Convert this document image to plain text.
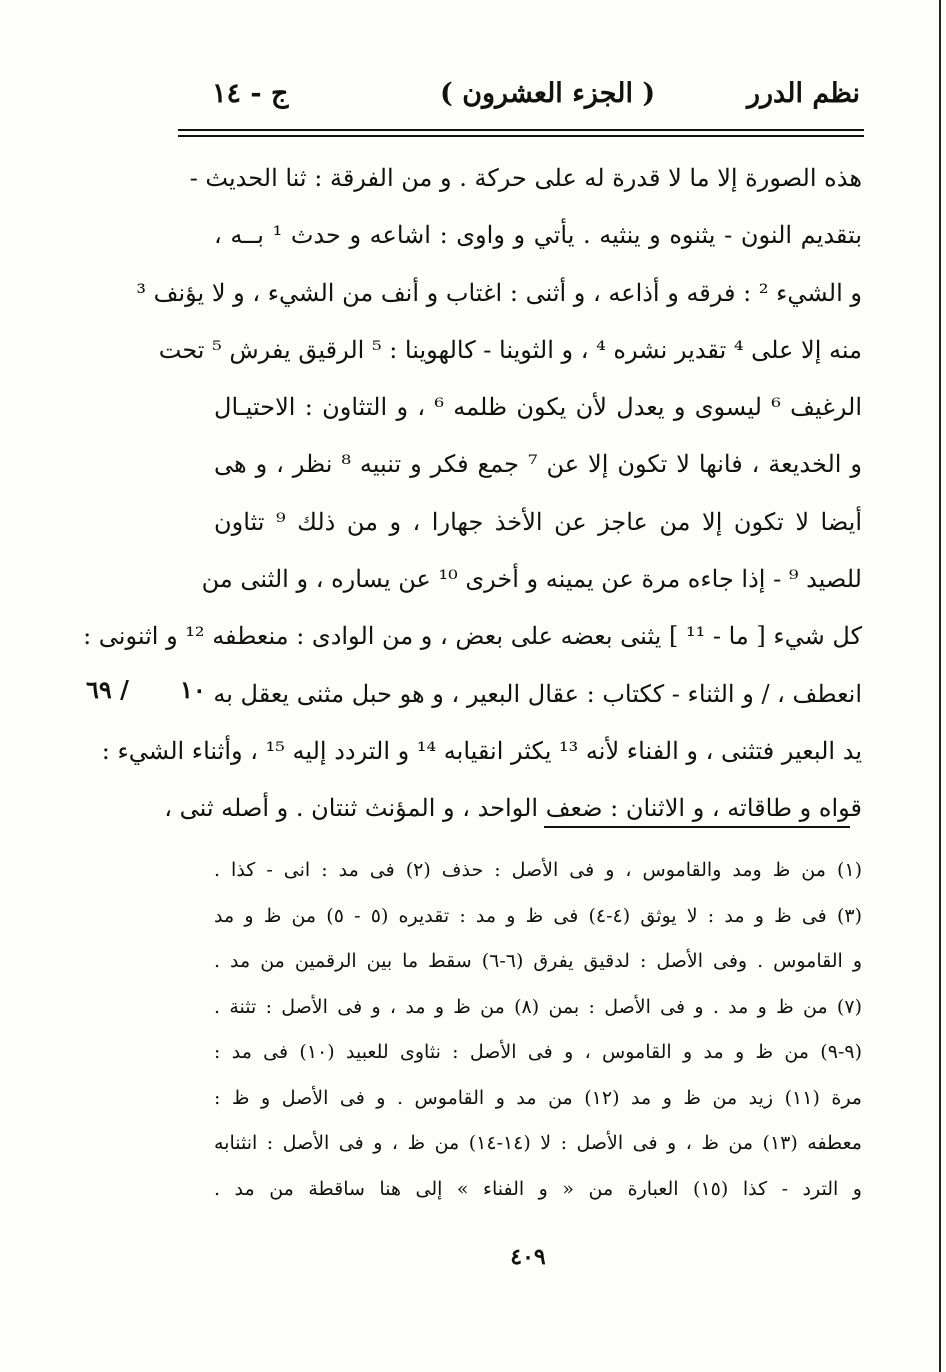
نظم الدرر
( الجزء العشرون )
ج - ١٤
هذه الصورة إلا ما لا قدرة له على حركة . و من الفرقة : ثنا الحديث -
بتقديم النون - يثنوه و ينثيه . يأتي و واوى : اشاعه و حدث ¹ بــه ،
و الشيء ² : فرقه و أذاعه ، و أثنى : اغتاب و أنف من الشيء ، و لا يؤنف ³
منه إلا على ⁴ تقدير نشره ⁴ ، و الثوينا - كالهوينا : ⁵ الرقيق يفرش ⁵ تحت
الرغيف ⁶ ليسوى و يعدل لأن يكون ظلمه ⁶ ، و التثاون : الاحتيـال
و الخديعة ، فانها لا تكون إلا عن ⁷ جمع فكر و تنبيه ⁸ نظر ، و هى
أيضا لا تكون إلا من عاجز عن الأخذ جهارا ، و من ذلك ⁹ تثاون
للصيد ⁹ - إذا جاءه مرة عن يمينه و أخرى ¹⁰ عن يساره ، و الثنى من
كل شيء [ ما - ¹¹ ] يثنى بعضه على بعض ، و من الوادى : منعطفه ¹² و اثنونى :
انعطف ، / و الثناء - ككتاب : عقال البعير ، و هو حبل مثنى يعقل به
يد البعير فتثنى ، و الفناء لأنه ¹³ يكثر انقيابه ¹⁴ و التردد إليه ¹⁵ ، وأثناء الشيء :
قواه و طاقاته ، و الاثنان : ضعف الواحد ، و المؤنث ثنتان . و أصله ثنى ،
١٠
٦٩ /
(١) من ظ ومد والقاموس ، و فى الأصل : حذف (٢) فى مد : انى - كذا .
(٣) فى ظ و مد : لا يوثق (٤-٤) فى ظ و مد : تقديره (٥ - ٥) من ظ و مد
و القاموس . وفى الأصل : لدقيق يفرق (٦-٦) سقط ما بين الرقمين من مد .
(٧) من ظ و مد . و فى الأصل : بمن (٨) من ظ و مد ، و فى الأصل : تثنة .
(٩-٩) من ظ و مد و القاموس ، و فى الأصل : نثاوى للعبيد (١٠) فى مد :
مرة (١١) زيد من ظ و مد (١٢) من مد و القاموس . و فى الأصل و ظ :
معطفه (١٣) من ظ ، و فى الأصل : لا (١٤-١٤) من ظ ، و فى الأصل : انثنابه
و الترد - كذا (١٥) العبارة من « و الفناء » إلى هنا ساقطة من مد .
٤٠٩
